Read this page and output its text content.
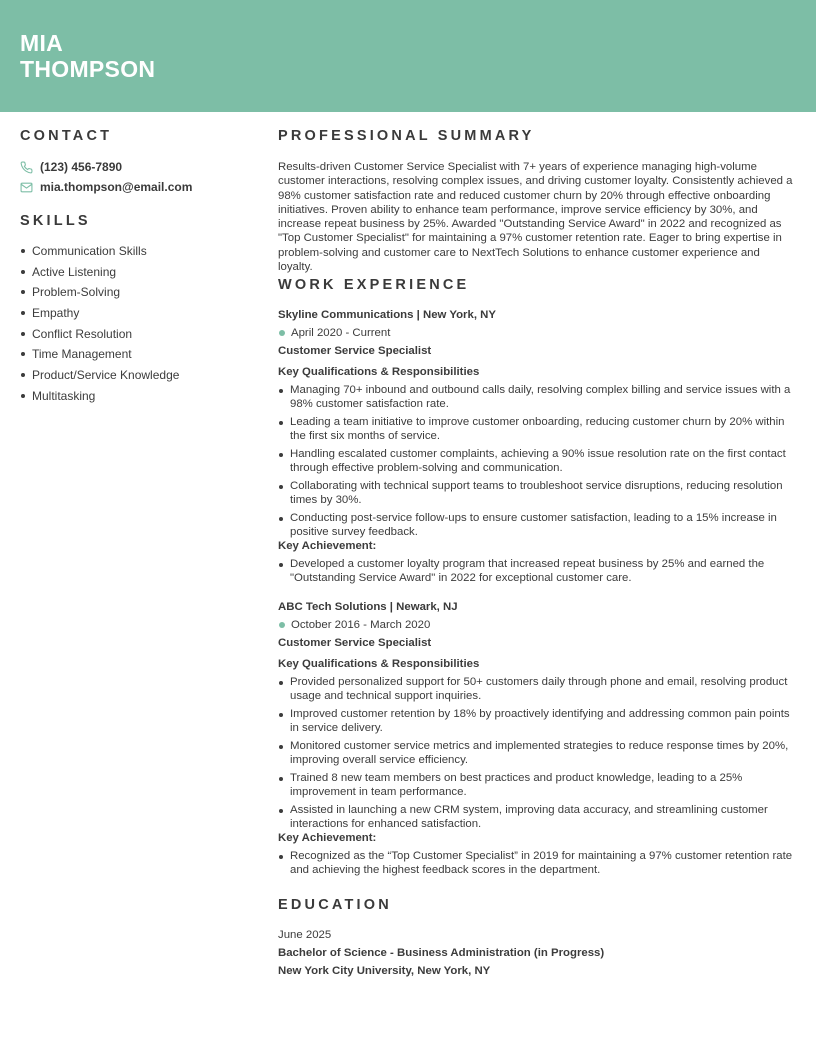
MIA
THOMPSON
CONTACT
(123) 456-7890
mia.thompson@email.com
SKILLS
Communication Skills
Active Listening
Problem-Solving
Empathy
Conflict Resolution
Time Management
Product/Service Knowledge
Multitasking
PROFESSIONAL SUMMARY
Results-driven Customer Service Specialist with 7+ years of experience managing high-volume customer interactions, resolving complex issues, and driving customer loyalty. Consistently achieved a 98% customer satisfaction rate and reduced customer churn by 20% through effective onboarding initiatives. Proven ability to enhance team performance, improve service efficiency by 30%, and increase repeat business by 25%. Awarded "Outstanding Service Award" in 2022 and recognized as "Top Customer Specialist" for maintaining a 97% customer retention rate. Eager to bring expertise in problem-solving and customer care to NextTech Solutions to enhance customer experience and loyalty.
WORK EXPERIENCE
Skyline Communications | New York, NY
April 2020 - Current
Customer Service Specialist
Key Qualifications & Responsibilities
Managing 70+ inbound and outbound calls daily, resolving complex billing and service issues with a 98% customer satisfaction rate.
Leading a team initiative to improve customer onboarding, reducing customer churn by 20% within the first six months of service.
Handling escalated customer complaints, achieving a 90% issue resolution rate on the first contact through effective problem-solving and communication.
Collaborating with technical support teams to troubleshoot service disruptions, reducing resolution times by 30%.
Conducting post-service follow-ups to ensure customer satisfaction, leading to a 15% increase in positive survey feedback.
Key Achievement:
Developed a customer loyalty program that increased repeat business by 25% and earned the "Outstanding Service Award" in 2022 for exceptional customer care.
ABC Tech Solutions | Newark, NJ
October 2016 - March 2020
Customer Service Specialist
Key Qualifications & Responsibilities
Provided personalized support for 50+ customers daily through phone and email, resolving product usage and technical support inquiries.
Improved customer retention by 18% by proactively identifying and addressing common pain points in service delivery.
Monitored customer service metrics and implemented strategies to reduce response times by 20%, improving overall service efficiency.
Trained 8 new team members on best practices and product knowledge, leading to a 25% improvement in team performance.
Assisted in launching a new CRM system, improving data accuracy, and streamlining customer interactions for enhanced satisfaction.
Key Achievement:
Recognized as the “Top Customer Specialist” in 2019 for maintaining a 97% customer retention rate and achieving the highest feedback scores in the department.
EDUCATION
June 2025
Bachelor of Science - Business Administration (in Progress)
New York City University, New York, NY
